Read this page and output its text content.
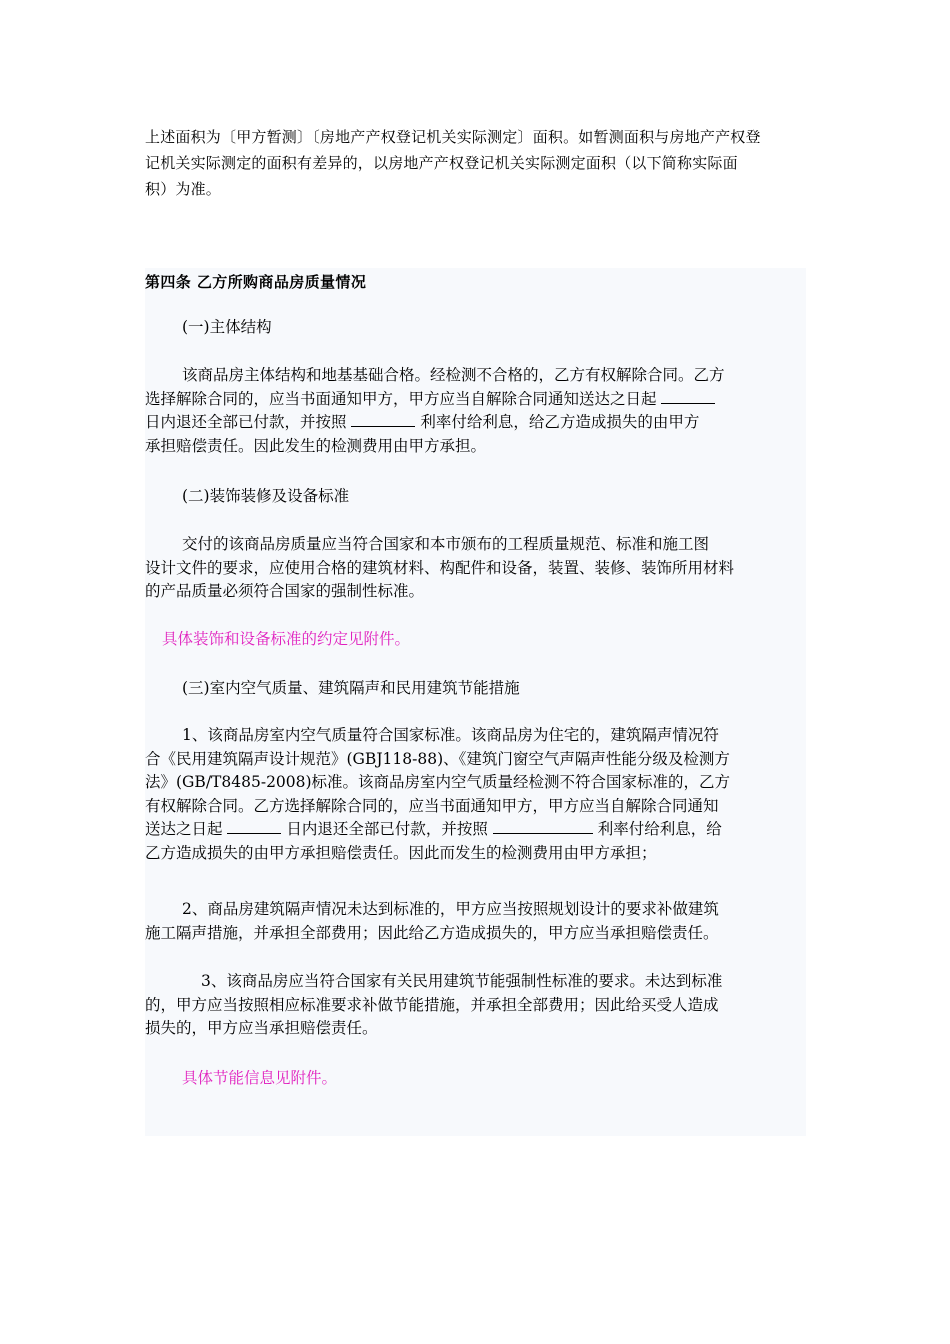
上述面积为〔甲方暂测〕〔房地产产权登记机关实际测定〕面积。如暂测面积与房地产产权登
记机关实际测定的面积有差异的，以房地产产权登记机关实际测定面积（以下简称实际面
积）为准。
第四条 乙方所购商品房质量情况
(一)主体结构
该商品房主体结构和地基基础合格。经检测不合格的，乙方有权解除合同。乙方
选择解除合同的，应当书面通知甲方，甲方应当自解除合同通知送达之日起
日内退还全部已付款，并按照	利率付给利息，给乙方造成损失的由甲方
承担赔偿责任。因此发生的检测费用由甲方承担。
(二)装饰装修及设备标准
交付的该商品房质量应当符合国家和本市颁布的工程质量规范、标准和施工图
设计文件的要求，应使用合格的建筑材料、构配件和设备，装置、装修、装饰所用材料
的产品质量必须符合国家的强制性标准。
具体装饰和设备标准的约定见附件。
(三)室内空气质量、建筑隔声和民用建筑节能措施
1、该商品房室内空气质量符合国家标准。该商品房为住宅的，建筑隔声情况符
合《民用建筑隔声设计规范》(GBJ118-88)、《建筑门窗空气声隔声性能分级及检测方
法》(GB/T8485-2008)标准。该商品房室内空气质量经检测不符合国家标准的，乙方
有权解除合同。乙方选择解除合同的，应当书面通知甲方，甲方应当自解除合同通知
送达之日起	日内退还全部已付款，并按照	利率付给利息，给
乙方造成损失的由甲方承担赔偿责任。因此而发生的检测费用由甲方承担；
2、商品房建筑隔声情况未达到标准的，甲方应当按照规划设计的要求补做建筑
施工隔声措施，并承担全部费用；因此给乙方造成损失的，甲方应当承担赔偿责任。
3、该商品房应当符合国家有关民用建筑节能强制性标准的要求。未达到标准
的，甲方应当按照相应标准要求补做节能措施，并承担全部费用；因此给买受人造成
损失的，甲方应当承担赔偿责任。
具体节能信息见附件。
